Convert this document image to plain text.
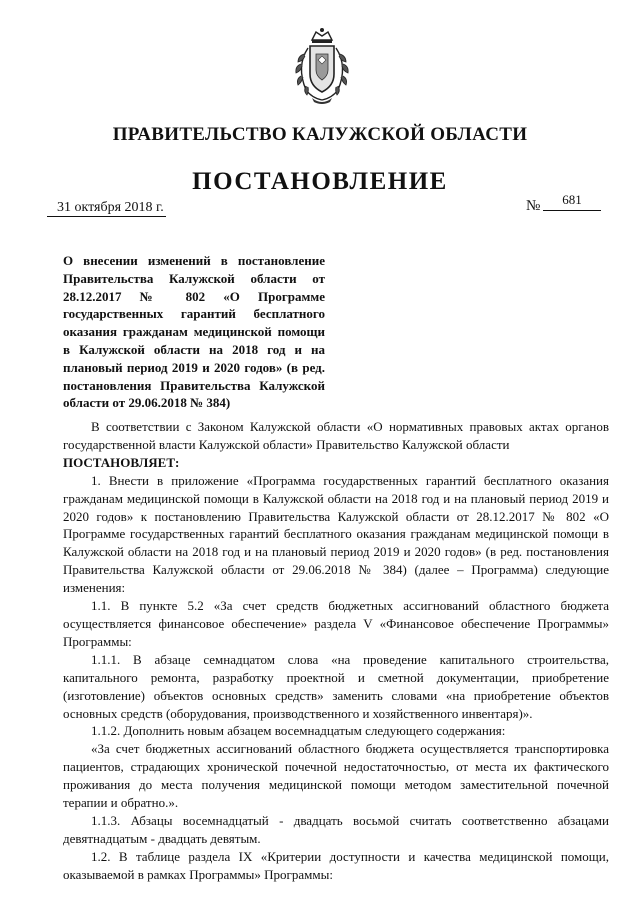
ПРАВИТЕЛЬСТВО КАЛУЖСКОЙ ОБЛАСТИ
ПОСТАНОВЛЕНИЕ
31 октября 2018 г.	№	681
О внесении изменений в постановление Правительства Калужской области от 28.12.2017 № 802 «О Программе государственных гарантий бесплатного оказания гражданам медицинской помощи в Калужской области на 2018 год и на плановый период 2019 и 2020 годов» (в ред. постановления Правительства Калужской области от 29.06.2018 № 384)

В соответствии с Законом Калужской области «О нормативных правовых актах органов государственной власти Калужской области» Правительство Калужской области

ПОСТАНОВЛЯЕТ:

1. Внести в приложение «Программа государственных гарантий бесплатного оказания гражданам медицинской помощи в Калужской области на 2018 год и на плановый период 2019 и 2020 годов» к постановлению Правительства Калужской области от 28.12.2017 № 802 «О Программе государственных гарантий бесплатного оказания гражданам медицинской помощи в Калужской области на 2018 год и на плановый период 2019 и 2020 годов» (в ред. постановления Правительства Калужской области от 29.06.2018 № 384) (далее – Программа) следующие изменения:

1.1. В пункте 5.2 «За счет средств бюджетных ассигнований областного бюджета осуществляется финансовое обеспечение» раздела V «Финансовое обеспечение Программы» Программы:

1.1.1. В абзаце семнадцатом слова «на проведение капитального строительства, капитального ремонта, разработку проектной и сметной документации, приобретение (изготовление) объектов основных средств» заменить словами «на приобретение объектов основных средств (оборудования, производственного и хозяйственного инвентаря)».

1.1.2. Дополнить новым абзацем восемнадцатым следующего содержания:

«За счет бюджетных ассигнований областного бюджета осуществляется транспортировка пациентов, страдающих хронической почечной недостаточностью, от места их фактического проживания до места получения медицинской помощи методом заместительной почечной терапии и обратно.».

1.1.3. Абзацы восемнадцатый - двадцать восьмой считать соответственно абзацами девятнадцатым - двадцать девятым.

1.2. В таблице раздела IX «Критерии доступности и качества медицинской помощи, оказываемой в рамках Программы» Программы:
